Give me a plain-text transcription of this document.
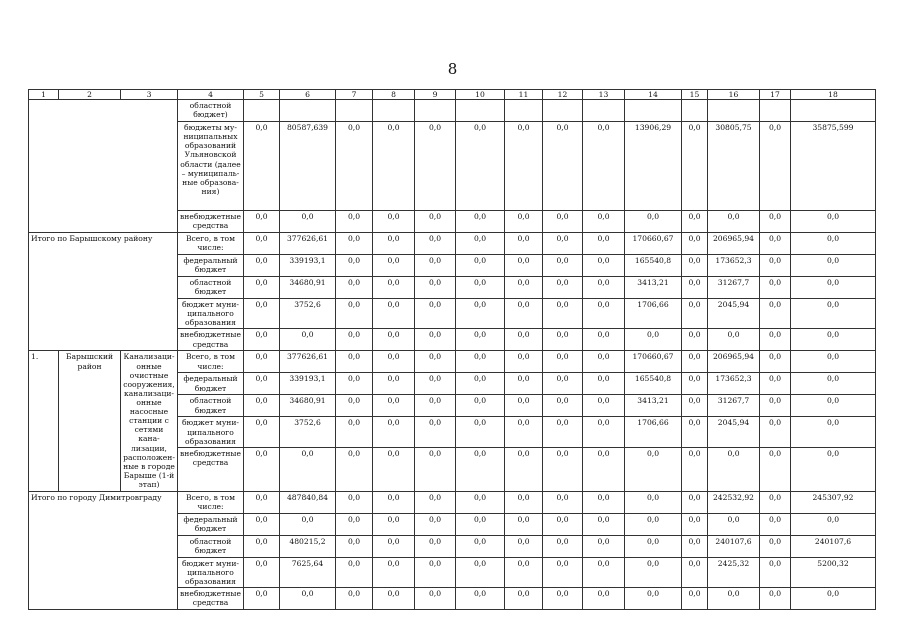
8
1	2	3	4	5	6	7	8	9	10	11	12	13	14	15	16	17	18
			областной бюджет)														
			бюджеты му-ниципальных образований Ульяновской области (далее – муниципаль-ные образова-ния)	0,0	80587,639	0,0	0,0	0,0	0,0	0,0	0,0	0,0	13906,29	0,0	30805,75	0,0	35875,599
			внебюджетные средства	0,0	0,0	0,0	0,0	0,0	0,0	0,0	0,0	0,0	0,0	0,0	0,0	0,0	0,0
Итого по Барышскому району			Всего, в том числе:	0,0	377626,61	0,0	0,0	0,0	0,0	0,0	0,0	0,0	170660,67	0,0	206965,94	0,0	0,0
			федеральный бюджет	0,0	339193,1	0,0	0,0	0,0	0,0	0,0	0,0	0,0	165540,8	0,0	173652,3	0,0	0,0
			областной бюджет	0,0	34680,91	0,0	0,0	0,0	0,0	0,0	0,0	0,0	3413,21	0,0	31267,7	0,0	0,0
			бюджет муни-ципального образования	0,0	3752,6	0,0	0,0	0,0	0,0	0,0	0,0	0,0	1706,66	0,0	2045,94	0,0	0,0
			внебюджетные средства	0,0	0,0	0,0	0,0	0,0	0,0	0,0	0,0	0,0	0,0	0,0	0,0	0,0	0,0
1.	Барышский район	Канализаци-онные очистные сооружения, канализаци-онные насосные станции с сетями кана-лизации, расположен-ные в городе Барыше (1-й этап)	Всего, в том числе:	0,0	377626,61	0,0	0,0	0,0	0,0	0,0	0,0	0,0	170660,67	0,0	206965,94	0,0	0,0
			федеральный бюджет	0,0	339193,1	0,0	0,0	0,0	0,0	0,0	0,0	0,0	165540,8	0,0	173652,3	0,0	0,0
			областной бюджет	0,0	34680,91	0,0	0,0	0,0	0,0	0,0	0,0	0,0	3413,21	0,0	31267,7	0,0	0,0
			бюджет муни-ципального образования	0,0	3752,6	0,0	0,0	0,0	0,0	0,0	0,0	0,0	1706,66	0,0	2045,94	0,0	0,0
			внебюджетные средства	0,0	0,0	0,0	0,0	0,0	0,0	0,0	0,0	0,0	0,0	0,0	0,0	0,0	0,0
Итого по городу Димитровграду			Всего, в том числе:	0,0	487840,84	0,0	0,0	0,0	0,0	0,0	0,0	0,0	0,0	0,0	242532,92	0,0	245307,92
			федеральный бюджет	0,0	0,0	0,0	0,0	0,0	0,0	0,0	0,0	0,0	0,0	0,0	0,0	0,0	0,0
			областной бюджет	0,0	480215,2	0,0	0,0	0,0	0,0	0,0	0,0	0,0	0,0	0,0	240107,6	0,0	240107,6
			бюджет муни-ципального образования	0,0	7625,64	0,0	0,0	0,0	0,0	0,0	0,0	0,0	0,0	0,0	2425,32	0,0	5200,32
			внебюджетные средства	0,0	0,0	0,0	0,0	0,0	0,0	0,0	0,0	0,0	0,0	0,0	0,0	0,0	0,0
